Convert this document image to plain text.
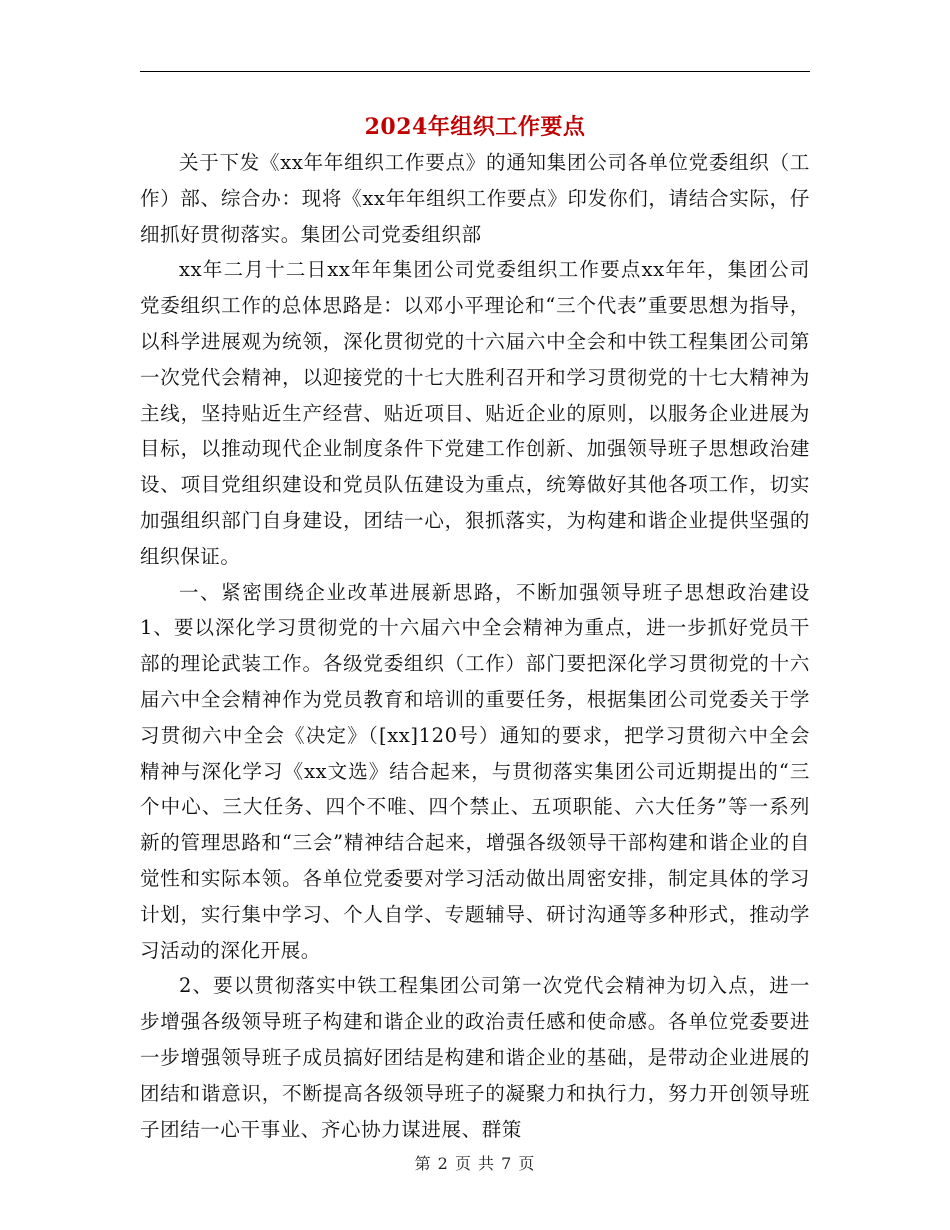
2024年组织工作要点

关于下发《xx年年组织工作要点》的通知集团公司各单位党委组织（工作）部、综合办：现将《xx年年组织工作要点》印发你们，请结合实际，仔细抓好贯彻落实。集团公司党委组织部

xx年二月十二日xx年年集团公司党委组织工作要点xx年年，集团公司党委组织工作的总体思路是：以邓小平理论和“三个代表”重要思想为指导，以科学进展观为统领，深化贯彻党的十六届六中全会和中铁工程集团公司第一次党代会精神，以迎接党的十七大胜利召开和学习贯彻党的十七大精神为主线，坚持贴近生产经营、贴近项目、贴近企业的原则，以服务企业进展为目标，以推动现代企业制度条件下党建工作创新、加强领导班子思想政治建设、项目党组织建设和党员队伍建设为重点，统筹做好其他各项工作，切实加强组织部门自身建设，团结一心，狠抓落实，为构建和谐企业提供坚强的组织保证。

一、紧密围绕企业改革进展新思路，不断加强领导班子思想政治建设1、要以深化学习贯彻党的十六届六中全会精神为重点，进一步抓好党员干部的理论武装工作。各级党委组织（工作）部门要把深化学习贯彻党的十六届六中全会精神作为党员教育和培训的重要任务，根据集团公司党委关于学习贯彻六中全会《决定》（[xx]120号）通知的要求，把学习贯彻六中全会精神与深化学习《xx文选》结合起来，与贯彻落实集团公司近期提出的“三个中心、三大任务、四个不唯、四个禁止、五项职能、六大任务”等一系列新的管理思路和“三会”精神结合起来，增强各级领导干部构建和谐企业的自觉性和实际本领。各单位党委要对学习活动做出周密安排，制定具体的学习计划，实行集中学习、个人自学、专题辅导、研讨沟通等多种形式，推动学习活动的深化开展。

2、要以贯彻落实中铁工程集团公司第一次党代会精神为切入点，进一步增强各级领导班子构建和谐企业的政治责任感和使命感。各单位党委要进一步增强领导班子成员搞好团结是构建和谐企业的基础，是带动企业进展的团结和谐意识，不断提高各级领导班子的凝聚力和执行力，努力开创领导班子团结一心干事业、齐心协力谋进展、群策

第 2 页 共 7 页
